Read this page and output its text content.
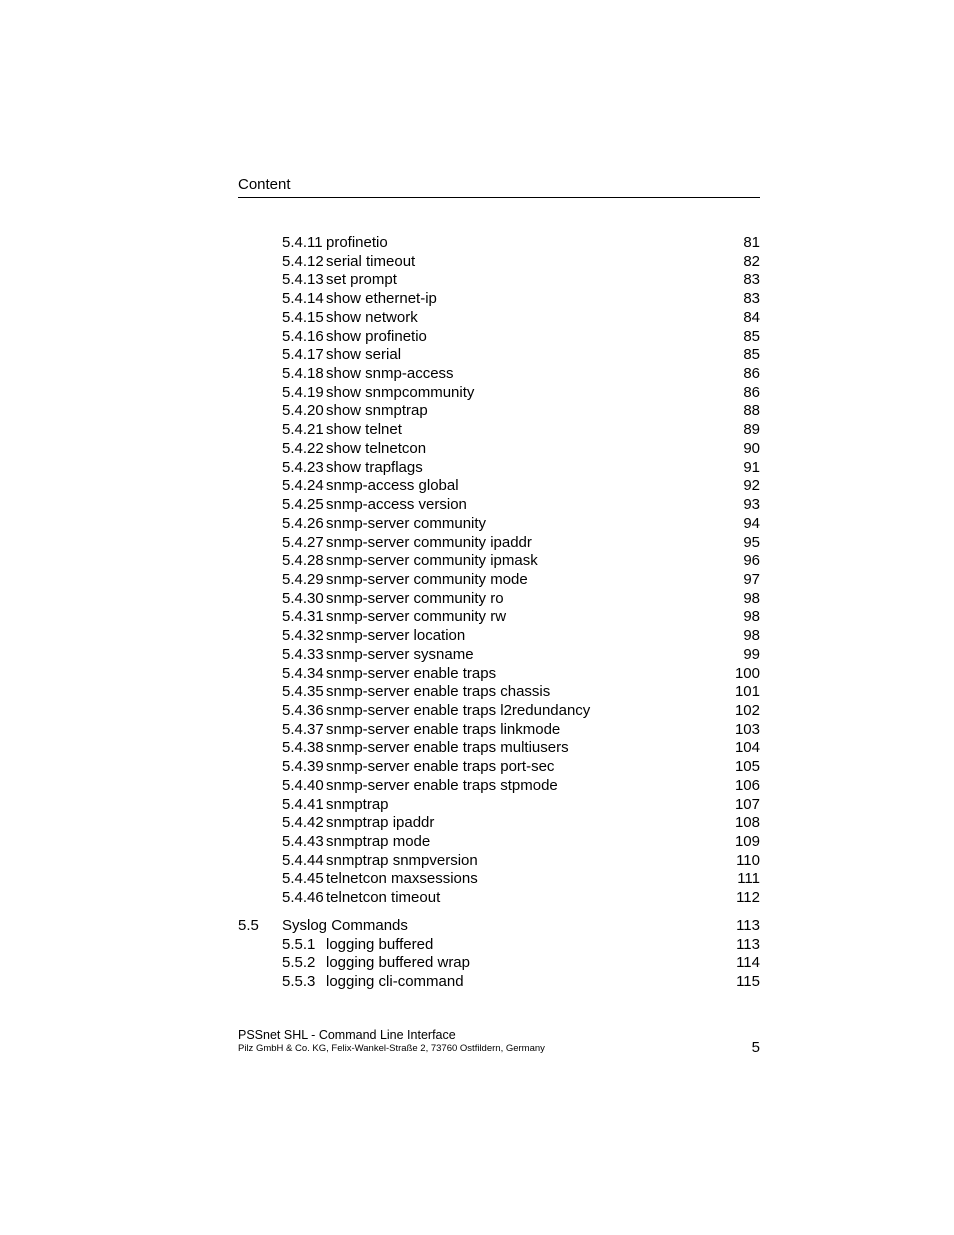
Content
5.4.11 profinetio	81
5.4.12 serial timeout	82
5.4.13 set prompt	83
5.4.14 show ethernet-ip	83
5.4.15 show network	84
5.4.16 show profinetio	85
5.4.17 show serial	85
5.4.18 show snmp-access	86
5.4.19 show snmpcommunity	86
5.4.20 show snmptrap	88
5.4.21 show telnet	89
5.4.22 show telnetcon	90
5.4.23 show trapflags	91
5.4.24 snmp-access global	92
5.4.25 snmp-access version	93
5.4.26 snmp-server community	94
5.4.27 snmp-server community ipaddr	95
5.4.28 snmp-server community ipmask	96
5.4.29 snmp-server community mode	97
5.4.30 snmp-server community ro	98
5.4.31 snmp-server community rw	98
5.4.32 snmp-server location	98
5.4.33 snmp-server sysname	99
5.4.34 snmp-server enable traps	100
5.4.35 snmp-server enable traps chassis	101
5.4.36 snmp-server enable traps l2redundancy	102
5.4.37 snmp-server enable traps linkmode	103
5.4.38 snmp-server enable traps multiusers	104
5.4.39 snmp-server enable traps port-sec	105
5.4.40 snmp-server enable traps stpmode	106
5.4.41 snmptrap	107
5.4.42 snmptrap ipaddr	108
5.4.43 snmptrap mode	109
5.4.44 snmptrap snmpversion	110
5.4.45 telnetcon maxsessions	111
5.4.46 telnetcon timeout	112
5.5 Syslog Commands	113
5.5.1 logging buffered	113
5.5.2 logging buffered wrap	114
5.5.3 logging cli-command	115
PSSnet SHL - Command Line Interface
Pilz GmbH & Co. KG, Felix-Wankel-Straße 2, 73760 Ostfildern, Germany	5
